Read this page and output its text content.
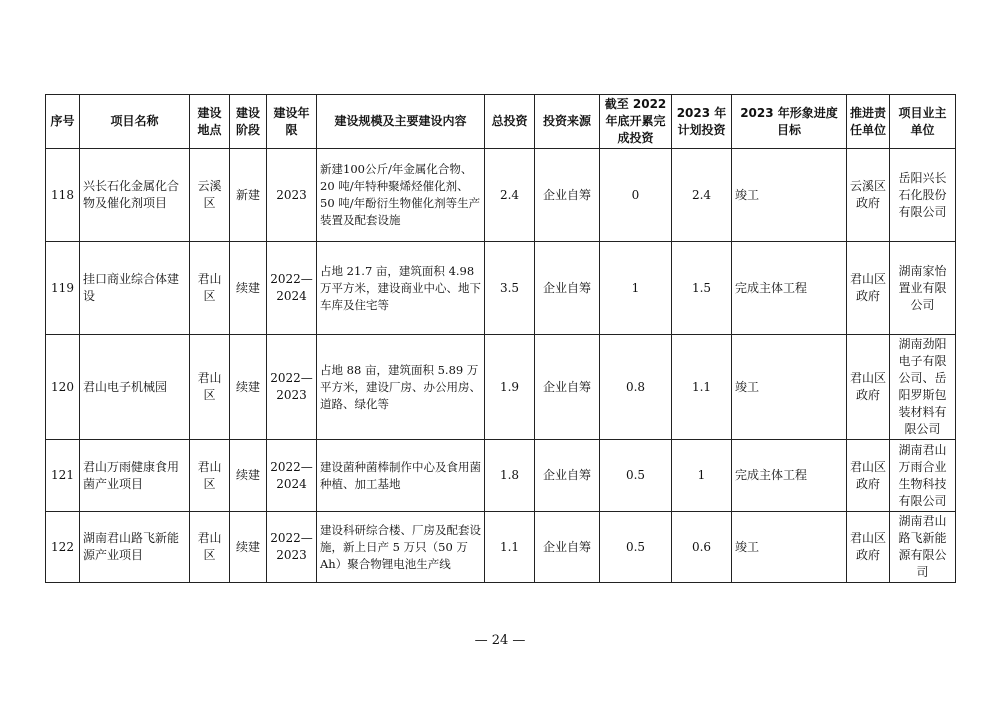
序号	项目名称	建设地点	建设阶段	建设年限	建设规模及主要建设内容	总投资	投资来源	截至 2022 年底开累完成投资	2023 年计划投资	2023 年形象进度目标	推进责任单位	项目业主单位
118	兴长石化金属化合物及催化剂项目	云溪区	新建	2023	新建100公斤/年金属化合物、20 吨/年特种聚烯烃催化剂、50 吨/年酚衍生物催化剂等生产装置及配套设施	2.4	企业自筹	0	2.4	竣工	云溪区政府	岳阳兴长石化股份有限公司
119	挂口商业综合体建设	君山区	续建	2022—2024	占地 21.7 亩，建筑面积 4.98 万平方米，建设商业中心、地下车库及住宅等	3.5	企业自筹	1	1.5	完成主体工程	君山区政府	湖南家怡置业有限公司
120	君山电子机械园	君山区	续建	2022—2023	占地 88 亩，建筑面积 5.89 万平方米，建设厂房、办公用房、道路、绿化等	1.9	企业自筹	0.8	1.1	竣工	君山区政府	湖南劲阳电子有限公司、岳阳罗斯包装材料有限公司
121	君山万雨健康食用菌产业项目	君山区	续建	2022—2024	建设菌种菌棒制作中心及食用菌种植、加工基地	1.8	企业自筹	0.5	1	完成主体工程	君山区政府	湖南君山万雨合业生物科技有限公司
122	湖南君山路飞新能源产业项目	君山区	续建	2022—2023	建设科研综合楼、厂房及配套设施，新上日产 5 万只（50 万 Ah）聚合物锂电池生产线	1.1	企业自筹	0.5	0.6	竣工	君山区政府	湖南君山路飞新能源有限公司
— 24 —
